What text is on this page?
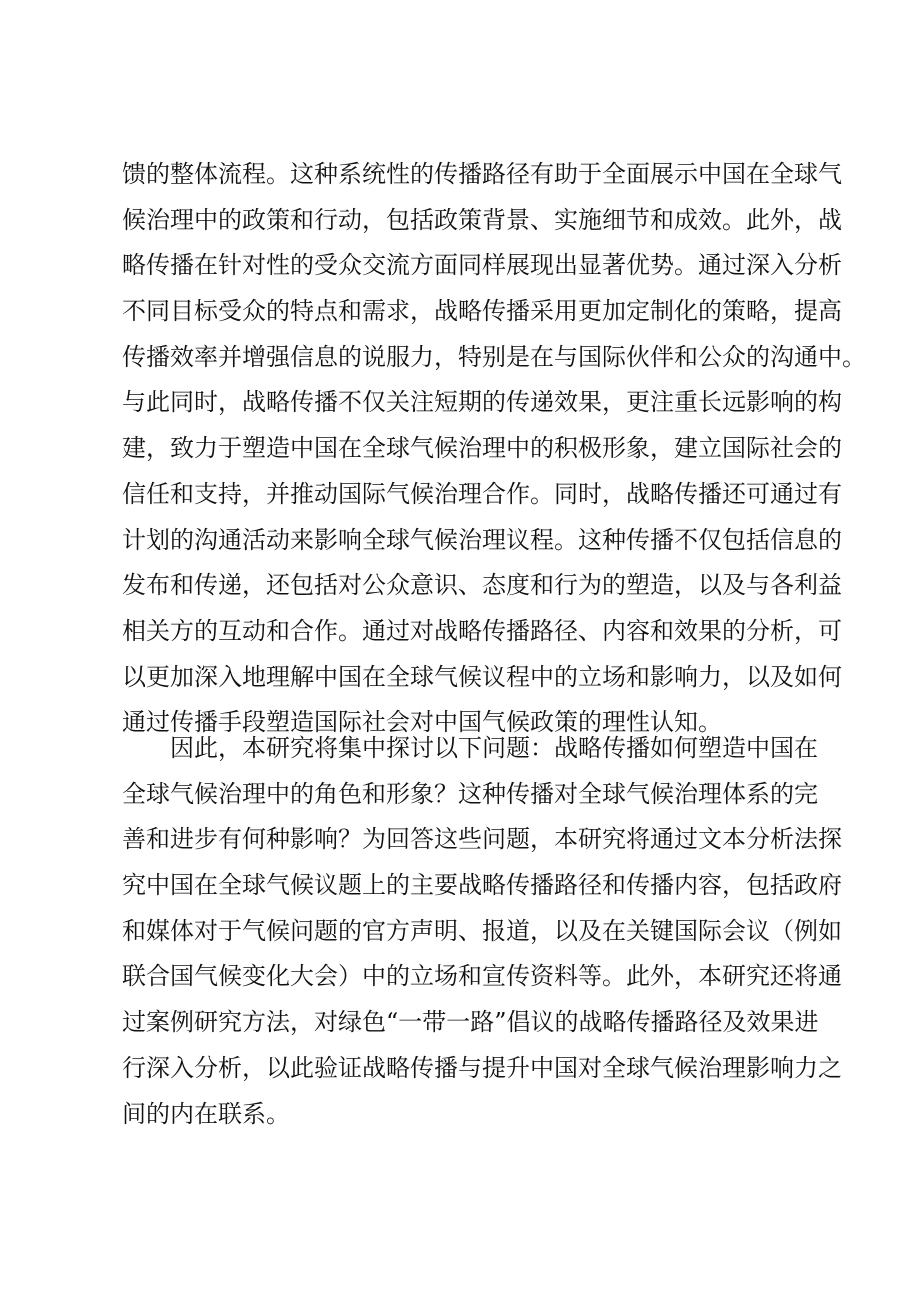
馈的整体流程。这种系统性的传播路径有助于全面展示中国在全球气
候治理中的政策和行动，包括政策背景、实施细节和成效。此外，战
略传播在针对性的受众交流方面同样展现出显著优势。通过深入分析
不同目标受众的特点和需求，战略传播采用更加定制化的策略，提高
传播效率并增强信息的说服力，特别是在与国际伙伴和公众的沟通中。
与此同时，战略传播不仅关注短期的传递效果，更注重长远影响的构
建，致力于塑造中国在全球气候治理中的积极形象，建立国际社会的
信任和支持，并推动国际气候治理合作。同时，战略传播还可通过有
计划的沟通活动来影响全球气候治理议程。这种传播不仅包括信息的
发布和传递，还包括对公众意识、态度和行为的塑造，以及与各利益
相关方的互动和合作。通过对战略传播路径、内容和效果的分析，可
以更加深入地理解中国在全球气候议程中的立场和影响力，以及如何
通过传播手段塑造国际社会对中国气候政策的理性认知。
因此，本研究将集中探讨以下问题：战略传播如何塑造中国在
全球气候治理中的角色和形象？这种传播对全球气候治理体系的完
善和进步有何种影响？为回答这些问题，本研究将通过文本分析法探
究中国在全球气候议题上的主要战略传播路径和传播内容，包括政府
和媒体对于气候问题的官方声明、报道，以及在关键国际会议（例如
联合国气候变化大会）中的立场和宣传资料等。此外，本研究还将通
过案例研究方法，对绿色“一带一路”倡议的战略传播路径及效果进
行深入分析，以此验证战略传播与提升中国对全球气候治理影响力之
间的内在联系。
